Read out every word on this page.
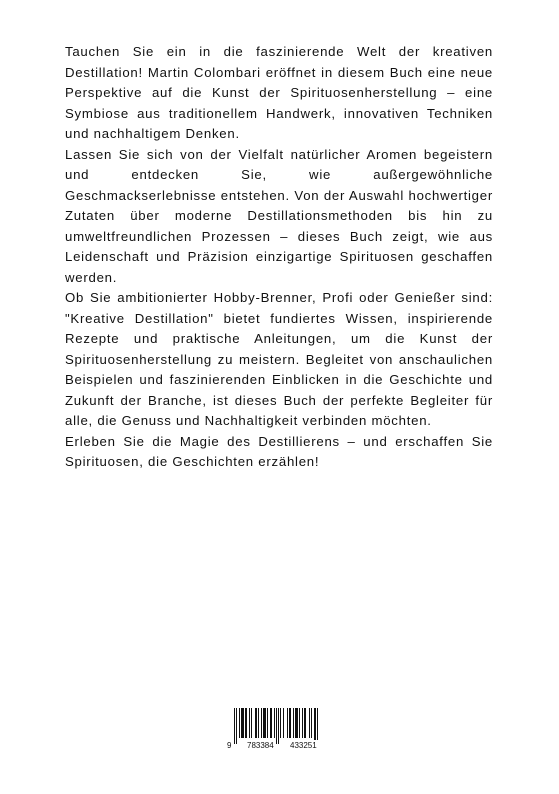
Tauchen Sie ein in die faszinierende Welt der kreativen Destillation! Martin Colombari eröffnet in diesem Buch eine neue Perspektive auf die Kunst der Spirituosenherstellung – eine Symbiose aus traditionellem Handwerk, innovativen Techniken und nachhaltigem Denken.

Lassen Sie sich von der Vielfalt natürlicher Aromen begeistern und entdecken Sie, wie außergewöhnliche Geschmackserlebnisse entstehen. Von der Auswahl hochwertiger Zutaten über moderne Destillationsmethoden bis hin zu umweltfreundlichen Prozessen – dieses Buch zeigt, wie aus Leidenschaft und Präzision einzigartige Spirituosen geschaffen werden.

Ob Sie ambitionierter Hobby-Brenner, Profi oder Genießer sind: "Kreative Destillation" bietet fundiertes Wissen, inspirierende Rezepte und praktische Anleitungen, um die Kunst der Spirituosenherstellung zu meistern. Begleitet von anschaulichen Beispielen und faszinierenden Einblicken in die Geschichte und Zukunft der Branche, ist dieses Buch der perfekte Begleiter für alle, die Genuss und Nachhaltigkeit verbinden möchten.

Erleben Sie die Magie des Destillierens – und erschaffen Sie Spirituosen, die Geschichten erzählen!

9 783384 433251
